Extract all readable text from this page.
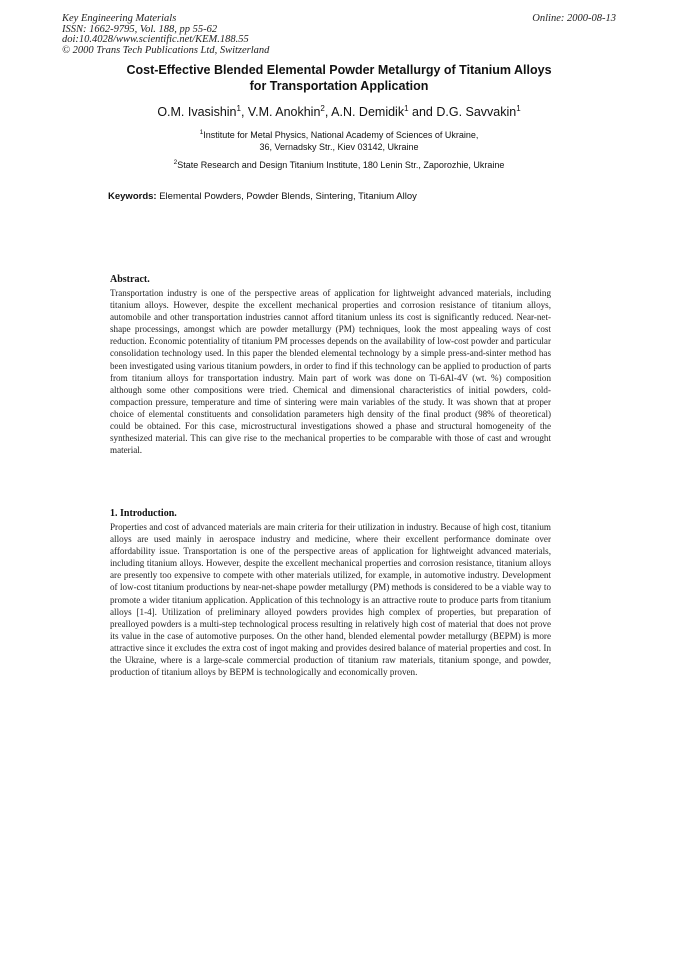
Key Engineering Materials
ISSN: 1662-9795, Vol. 188, pp 55-62
doi:10.4028/www.scientific.net/KEM.188.55
© 2000 Trans Tech Publications Ltd, Switzerland
Online: 2000-08-13
Cost-Effective Blended Elemental Powder Metallurgy of Titanium Alloys
for Transportation Application
O.M. Ivasishin$^1$, V.M. Anokhin$^2$, A.N. Demidik$^1$ and D.G. Savvakin$^1$
$^1$Institute for Metal Physics, National Academy of Sciences of Ukraine,
36, Vernadsky Str., Kiev 03142, Ukraine
$^2$State Research and Design Titanium Institute, 180 Lenin Str., Zaporozhie, Ukraine
Keywords: Elemental Powders, Powder Blends, Sintering, Titanium Alloy
Abstract.

Transportation industry is one of the perspective areas of application for lightweight advanced materials, including titanium alloys. However, despite the excellent mechanical properties and corrosion resistance of titanium alloys, automobile and other transportation industries cannot afford titanium unless its cost is significantly reduced. Near-net-shape processings, amongst which are powder metallurgy (PM) techniques, look the most appealing ways of cost reduction. Economic potentiality of titanium PM processes depends on the availability of low-cost powder and particular consolidation technology used. In this paper the blended elemental technology by a simple press-and-sinter method has been investigated using various titanium powders, in order to find if this technology can be applied to production of parts from titanium alloys for transportation industry. Main part of work was done on Ti-6Al-4V (wt. %) composition although some other compositions were tried. Chemical and dimensional characteristics of initial powders, cold-compaction pressure, temperature and time of sintering were main variables of the study. It was shown that at proper choice of elemental constituents and consolidation parameters high density of the final product (98% of theoretical) could be obtained. For this case, microstructural investigations showed a phase and structural homogeneity of the synthesized material. This can give rise to the mechanical properties to be comparable with those of cast and wrought material.

1. Introduction.

Properties and cost of advanced materials are main criteria for their utilization in industry. Because of high cost, titanium alloys are used mainly in aerospace industry and medicine, where their excellent performance dominate over affordability issue. Transportation is one of the perspective areas of application for lightweight advanced materials, including titanium alloys. However, despite the excellent mechanical properties and corrosion resistance, titanium alloys are presently too expensive to compete with other materials utilized, for example, in automotive industry. Development of low-cost titanium productions by near-net-shape powder metallurgy (PM) methods is considered to be a viable way to promote a wider titanium application. Application of this technology is an attractive route to produce parts from titanium alloys [1-4]. Utilization of preliminary alloyed powders provides high complex of properties, but preparation of prealloyed powders is a multi-step technological process resulting in relatively high cost of material that does not prove its value in the case of automotive purposes. On the other hand, blended elemental powder metallurgy (BEPM) is more attractive since it excludes the extra cost of ingot making and provides desired balance of material properties and cost. In the Ukraine, where is a large-scale commercial production of titanium raw materials, titanium sponge, and powder, production of titanium alloys by BEPM is technologically and economically proven.
